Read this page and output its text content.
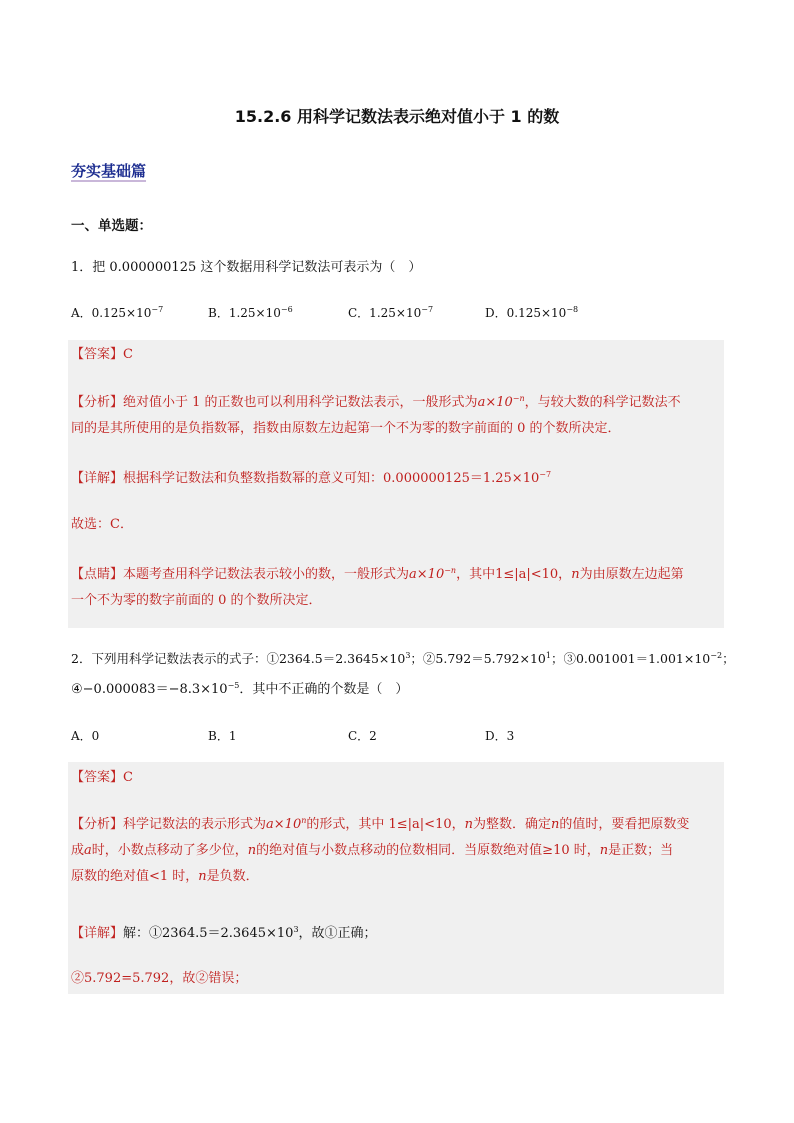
15.2.6 用科学记数法表示绝对值小于 1 的数
夯实基础篇
一、单选题：
1．把 0.000000125 这个数据用科学记数法可表示为（　）
A．$0.125\times 10^{-7}$	B．$1.25\times 10^{-6}$	C．$1.25\times 10^{-7}$	D．$0.125\times 10^{-8}$
【答案】C
【分析】绝对值小于 1 的正数也可以利用科学记数法表示，一般形式为$a\times 10^{-n}$，与较大数的科学记数法不
同的是其所使用的是负指数幂，指数由原数左边起第一个不为零的数字前面的 0 的个数所决定．
【详解】根据科学记数法和负整数指数幂的意义可知：$0.000000125=1.25\times 10^{-7}$
故选：C．
【点睛】本题考查用科学记数法表示较小的数，一般形式为$a\times 10^{-n}$，其中1≤|a|<10，n为由原数左边起第
一个不为零的数字前面的 0 的个数所决定．
2．下列用科学记数法表示的式子：$①2364.5=2.3645\times 10^3$；$②5.792=5.792\times 10^1$；$③0.001001=1.001\times 10^{-2}$；
$④-0.000083=-8.3\times 10^{-5}$．其中不正确的个数是（　）
A．0	B．1	C．2	D．3
【答案】C
【分析】科学记数法的表示形式为$a\times 10^n$的形式，其中 1≤|a|<10，n为整数．确定n的值时，要看把原数变
成a时，小数点移动了多少位，n的绝对值与小数点移动的位数相同．当原数绝对值≥10 时，n是正数；当
原数的绝对值<1 时，n是负数．
【详解】解：$①2364.5=2.3645\times 10^3$，故①正确；
②5.792=5.792，故②错误；
